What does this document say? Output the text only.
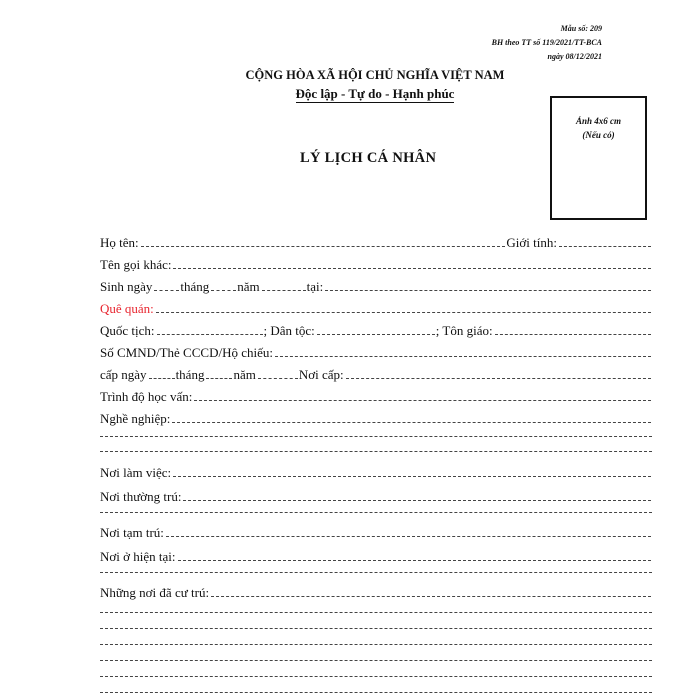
Mẫu số: 209
BH theo TT số 119/2021/TT-BCA
ngày 08/12/2021
CỘNG HÒA XÃ HỘI CHỦ NGHĨA VIỆT NAM
Độc lập - Tự do - Hạnh phúc
LÝ LỊCH CÁ NHÂN
Ảnh 4x6 cm
(Nếu có)
Họ tên:	Giới tính:
Tên gọi khác:
Sinh ngày tháng năm	tại:
Quê quán:
Quốc tịch:	; Dân tộc:	; Tôn giáo:
Số CMND/Thẻ CCCD/Hộ chiếu:
cấp ngày tháng năm	Nơi cấp:
Trình độ học vấn:
Nghề nghiệp:
Nơi làm việc:
Nơi thường trú:
Nơi tạm trú:
Nơi ở hiện tại:
Những nơi đã cư trú:
